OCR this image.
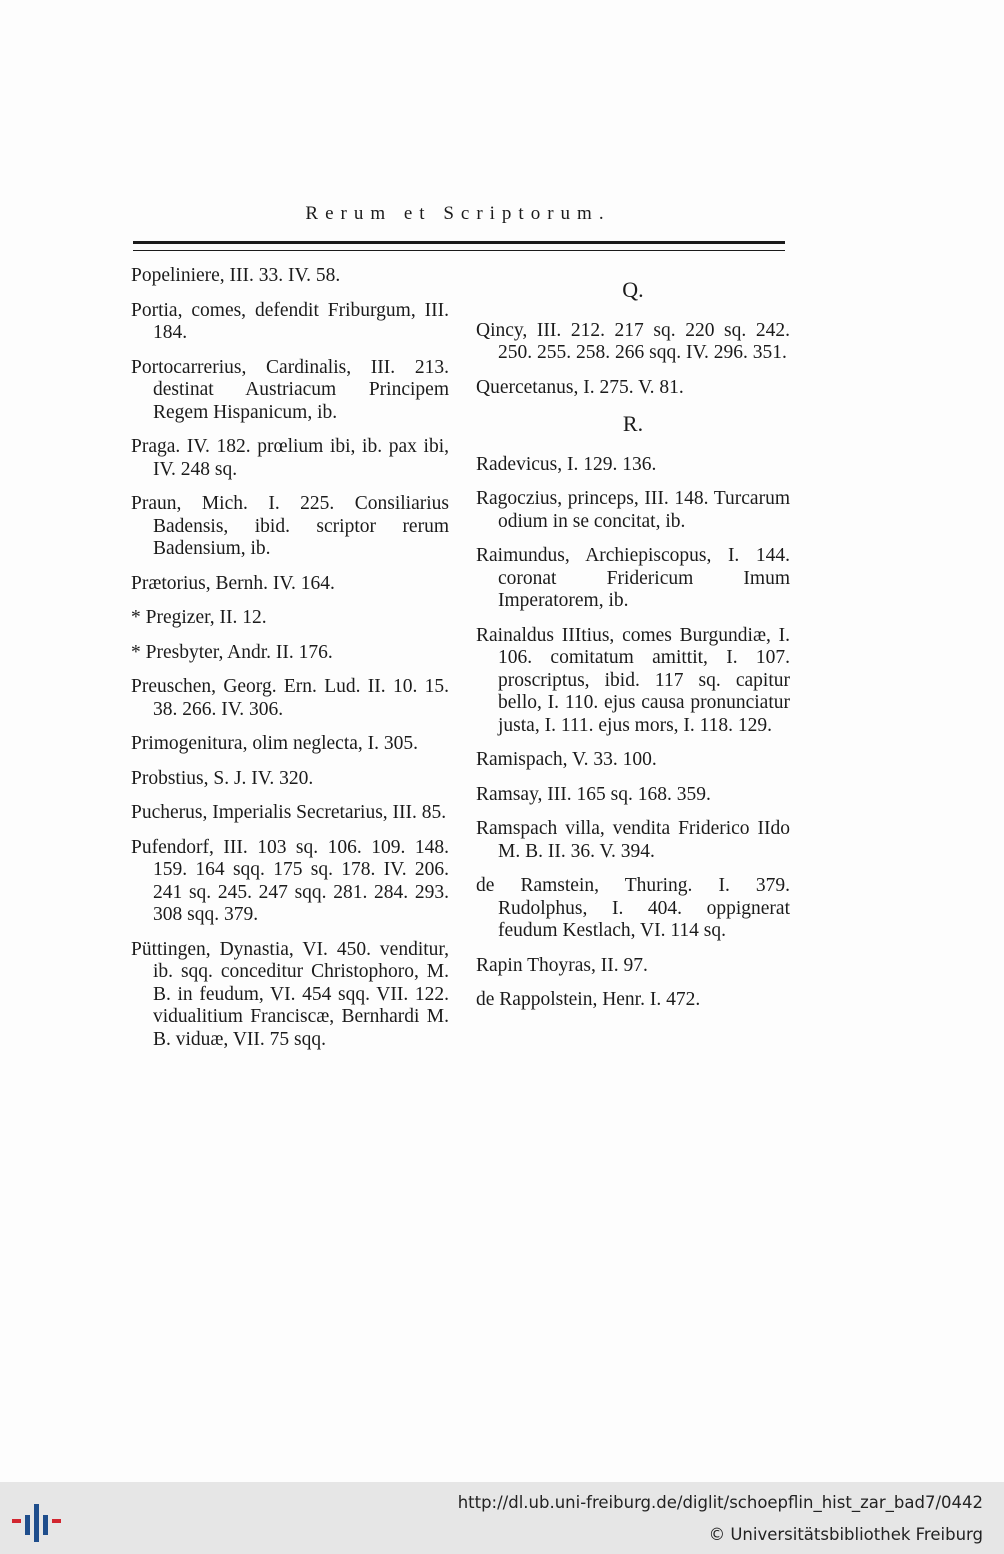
Rerum et Scriptorum.

Popeliniere, III. 33. IV. 58.

Portia, comes, defendit Friburgum, III. 184.

Portocarrerius, Cardinalis, III. 213. destinat Austriacum Principem Regem Hispanicum, ib.

Praga. IV. 182. prœlium ibi, ib. pax ibi, IV. 248 sq.

Praun, Mich. I. 225. Consiliarius Badensis, ibid. scriptor rerum Badensium, ib.

Prætorius, Bernh. IV. 164.

* Pregizer, II. 12.

* Presbyter, Andr. II. 176.

Preuschen, Georg. Ern. Lud. II. 10. 15. 38. 266. IV. 306.

Primogenitura, olim neglecta, I. 305.

Probstius, S. J. IV. 320.

Pucherus, Imperialis Secretarius, III. 85.

Pufendorf, III. 103 sq. 106. 109. 148. 159. 164 sqq. 175 sq. 178. IV. 206. 241 sq. 245. 247 sqq. 281. 284. 293. 308 sqq. 379.

Püttingen, Dynastia, VI. 450. venditur, ib. sqq. conceditur Christophoro, M. B. in feudum, VI. 454 sqq. VII. 122. vidualitium Franciscæ, Bernhardi M. B. viduæ, VII. 75 sqq.

Q.

Qincy, III. 212. 217 sq. 220 sq. 242. 250. 255. 258. 266 sqq. IV. 296. 351.

Quercetanus, I. 275. V. 81.

R.

Radevicus, I. 129. 136.

Ragoczius, princeps, III. 148. Turcarum odium in se concitat, ib.

Raimundus, Archiepiscopus, I. 144. coronat Fridericum Imum Imperatorem, ib.

Rainaldus IIItius, comes Burgundiæ, I. 106. comitatum amittit, I. 107. proscriptus, ibid. 117 sq. capitur bello, I. 110. ejus causa pronunciatur justa, I. 111. ejus mors, I. 118. 129.

Ramispach, V. 33. 100.

Ramsay, III. 165 sq. 168. 359.

Ramspach villa, vendita Friderico IIdo M. B. II. 36. V. 394.

de Ramstein, Thuring. I. 379. Rudolphus, I. 404. oppignerat feudum Kestlach, VI. 114 sq.

Rapin Thoyras, II. 97.

de Rappolstein, Henr. I. 472.

http://dl.ub.uni-freiburg.de/diglit/schoepflin_hist_zar_bad7/0442
© Universitätsbibliothek Freiburg
